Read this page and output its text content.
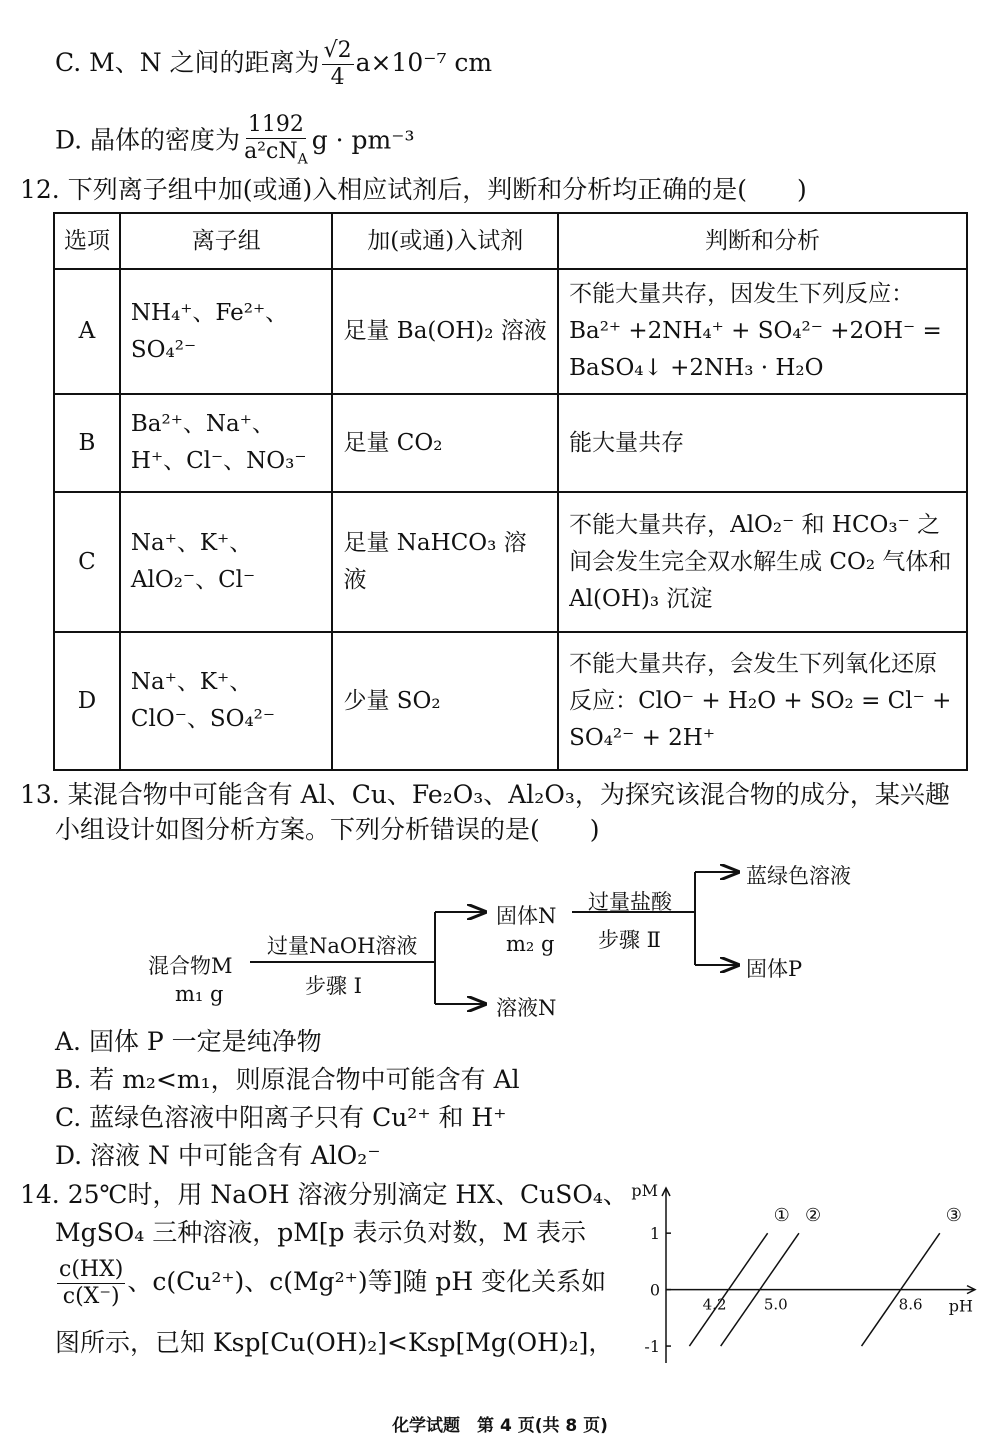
C. M、N 之间的距离为 $\frac{√2}{4} a\times 10^{-7}$ cm
D. 晶体的密度为 $\frac{1192}{a^2cN_A}$ g · pm⁻³
12. 下列离子组中加(或通)入相应试剂后，判断和分析均正确的是(　　)
选项	离子组	加(或通)入试剂	判断和分析
A	NH₄⁺、Fe²⁺、SO₄²⁻	足量 Ba(OH)₂ 溶液	不能大量共存，因发生下列反应：Ba²⁺ +2NH₄⁺ + SO₄²⁻ +2OH⁻ = BaSO₄↓ +2NH₃ · H₂O
B	Ba²⁺、Na⁺、H⁺、Cl⁻、NO₃⁻	足量 CO₂	能大量共存
C	Na⁺、K⁺、AlO₂⁻、Cl⁻	足量 NaHCO₃ 溶液	不能大量共存，AlO₂⁻ 和 HCO₃⁻ 之间会发生完全双水解生成 CO₂ 气体和 Al(OH)₃ 沉淀
D	Na⁺、K⁺、ClO⁻、SO₄²⁻	少量 SO₂	不能大量共存，会发生下列氧化还原反应：ClO⁻ + H₂O + SO₂ = Cl⁻ + SO₄²⁻ + 2H⁺
13. 某混合物中可能含有 Al、Cu、Fe₂O₃、Al₂O₃，为探究该混合物的成分，某兴趣
小组设计如图分析方案。下列分析错误的是(　　)
混合物M
m₁ g
过量NaOH溶液
步骤 Ⅰ
固体N
m₂ g
溶液N
过量盐酸
步骤 Ⅱ
蓝绿色溶液
固体P
A. 固体 P 一定是纯净物
B. 若 m₂<m₁，则原混合物中可能含有 Al
C. 蓝绿色溶液中阳离子只有 Cu²⁺ 和 H⁺
D. 溶液 N 中可能含有 AlO₂⁻
14. 25℃时，用 NaOH 溶液分别滴定 HX、CuSO₄、
MgSO₄ 三种溶液，pM[p 表示负对数，M 表示
$\frac{c(HX)}{c(X^-)}$ 、c(Cu²⁺)、c(Mg²⁺)等]随 pH 变化关系如
图所示，已知 Ksp[Cu(OH)₂]<Ksp[Mg(OH)₂]，
pM
pH
1
0
-1
① ②	③
4.2 5.0	8.6
化学试题　第 4 页(共 8 页)
